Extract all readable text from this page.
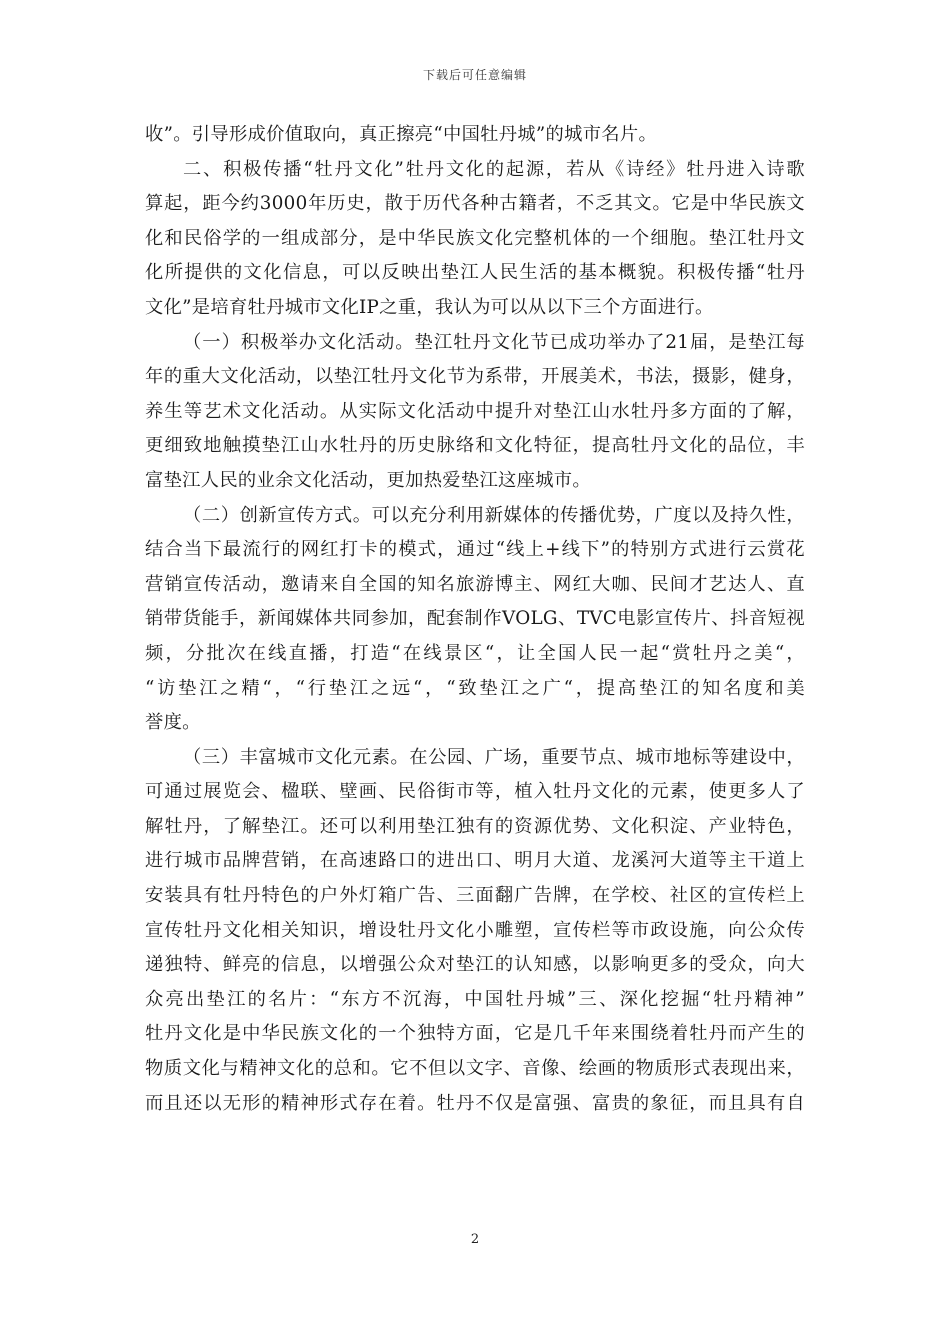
下载后可任意编辑
收”。引导形成价值取向，真正擦亮“中国牡丹城”的城市名片。
二、积极传播“牡丹文化”牡丹文化的起源，若从《诗经》牡丹进入诗歌
算起，距今约3000年历史，散于历代各种古籍者，不乏其文。它是中华民族文
化和民俗学的一组成部分，是中华民族文化完整机体的一个细胞。垫江牡丹文
化所提供的文化信息，可以反映出垫江人民生活的基本概貌。积极传播“牡丹
文化”是培育牡丹城市文化IP之重，我认为可以从以下三个方面进行。
（一）积极举办文化活动。垫江牡丹文化节已成功举办了21届，是垫江每
年的重大文化活动，以垫江牡丹文化节为系带，开展美术，书法，摄影，健身，
养生等艺术文化活动。从实际文化活动中提升对垫江山水牡丹多方面的了解，
更细致地触摸垫江山水牡丹的历史脉络和文化特征，提高牡丹文化的品位，丰
富垫江人民的业余文化活动，更加热爱垫江这座城市。
（二）创新宣传方式。可以充分利用新媒体的传播优势，广度以及持久性，
结合当下最流行的网红打卡的模式，通过“线上+线下”的特别方式进行云赏花
营销宣传活动，邀请来自全国的知名旅游博主、网红大咖、民间才艺达人、直
销带货能手，新闻媒体共同参加，配套制作VOLG、TVC电影宣传片、抖音短视
频，分批次在线直播，打造“在线景区“，让全国人民一起“赏牡丹之美“，
“访垫江之精“，“行垫江之远“，“致垫江之广“，提高垫江的知名度和美
誉度。
（三）丰富城市文化元素。在公园、广场，重要节点、城市地标等建设中，
可通过展览会、楹联、壁画、民俗街市等，植入牡丹文化的元素，使更多人了
解牡丹，了解垫江。还可以利用垫江独有的资源优势、文化积淀、产业特色，
进行城市品牌营销，在高速路口的进出口、明月大道、龙溪河大道等主干道上
安装具有牡丹特色的户外灯箱广告、三面翻广告牌，在学校、社区的宣传栏上
宣传牡丹文化相关知识，增设牡丹文化小雕塑，宣传栏等市政设施，向公众传
递独特、鲜亮的信息，以增强公众对垫江的认知感，以影响更多的受众，向大
众亮出垫江的名片：“东方不沉海，中国牡丹城”三、深化挖掘“牡丹精神”
牡丹文化是中华民族文化的一个独特方面，它是几千年来围绕着牡丹而产生的
物质文化与精神文化的总和。它不但以文字、音像、绘画的物质形式表现出来，
而且还以无形的精神形式存在着。牡丹不仅是富强、富贵的象征，而且具有自
2
